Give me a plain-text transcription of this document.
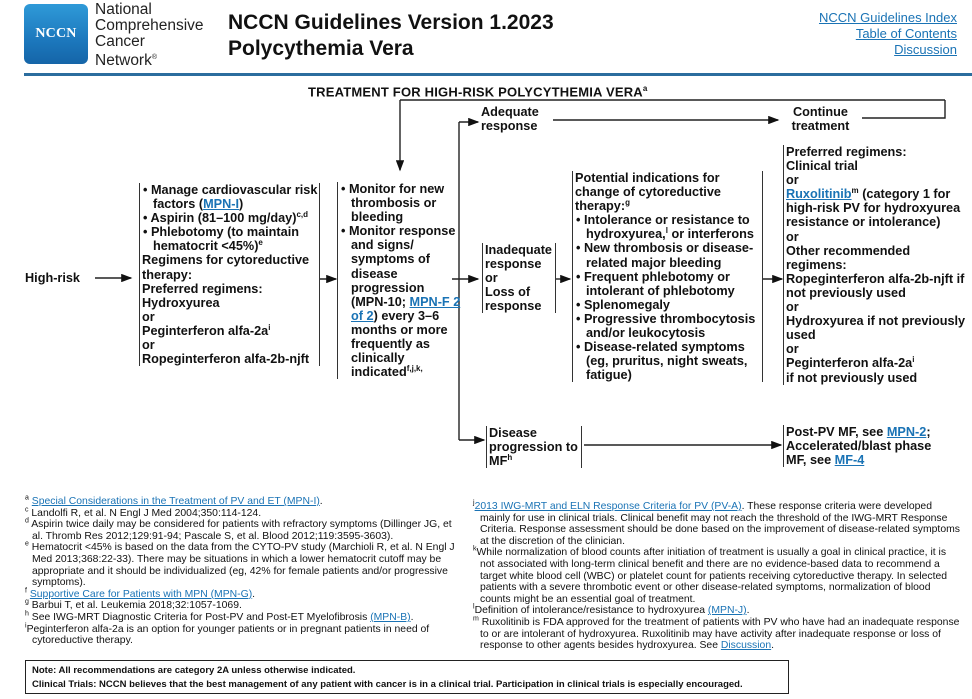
NCCN
National
Comprehensive
Cancer
Network®
NCCN Guidelines Version 1.2023
Polycythemia Vera
NCCN Guidelines Index
Table of Contents
Discussion
TREATMENT FOR HIGH-RISK POLYCYTHEMIA VERA$^a$
High-risk
• Manage cardiovascular risk factors (MPN-I)
• Aspirin (81–100 mg/day)$^{c,d}$
• Phlebotomy (to maintain hematocrit <45%)$^e$
Regimens for cytoreductive therapy:
Preferred regimens:
Hydroxyurea
or
Peginterferon alfa-$2a^i$
or
Ropeginterferon alfa-2b-njft
• Monitor for new thrombosis or bleeding
• Monitor response and signs/ symptoms of disease progression (MPN-10; MPN-F 2 of 2) every 3–6 months or more frequently as clinically indicated$^{f,j,k,}$
Adequate response
Continue treatment
Inadequate
response
or
Loss of
response
Potential indications for change of cytoreductive therapy:$^g$
• Intolerance or resistance to hydroxyurea,$^l$ or interferons
• New thrombosis or disease-related major bleeding
• Frequent phlebotomy or intolerant of phlebotomy
• Splenomegaly
• Progressive thrombocytosis and/or leukocytosis
• Disease-related symptoms (eg, pruritus, night sweats, fatigue)
Preferred regimens:
Clinical trial
or
Ruxolitinib$^m$ (category 1 for high-risk PV for hydroxyurea resistance or intolerance)
or
Other recommended regimens:
Ropeginterferon alfa-2b-njft if not previously used
or
Hydroxyurea if not previously used
or
Peginterferon alfa-$2a^i$
if not previously used
Disease progression to $MF^h$
Post-PV MF, see MPN-2;
Accelerated/blast phase
MF, see MF-4
$^a$ Special Considerations in the Treatment of PV and ET (MPN-I).
$^c$ Landolfi R, et al. N Engl J Med 2004;350:114-124.
$^d$ Aspirin twice daily may be considered for patients with refractory symptoms (Dillinger JG, et al. Thromb Res 2012;129:91-94; Pascale S, et al. Blood 2012;119:3595-3603).
$^e$ Hematocrit <45% is based on the data from the CYTO-PV study (Marchioli R, et al. N Engl J Med 2013;368:22-33). There may be situations in which a lower hematocrit cutoff may be appropriate and it should be individualized (eg, 42% for female patients and/or progressive symptoms).
$^f$ Supportive Care for Patients with MPN (MPN-G).
$^g$ Barbui T, et al. Leukemia 2018;32:1057-1069.
$^h$ See IWG-MRT Diagnostic Criteria for Post-PV and Post-ET Myelofibrosis (MPN-B).
$^i$Peginterferon alfa-2a is an option for younger patients or in pregnant patients in need of cytoreductive therapy.
$^j$2013 IWG-MRT and ELN Response Criteria for PV (PV-A). These response criteria were developed mainly for use in clinical trials. Clinical benefit may not reach the threshold of the IWG-MRT Response Criteria. Response assessment should be done based on the improvement of disease-related symptoms at the discretion of the clinician.
$^k$While normalization of blood counts after initiation of treatment is usually a goal in clinical practice, it is not associated with long-term clinical benefit and there are no evidence-based data to recommend a target white blood cell (WBC) or platelet count for patients receiving cytoreductive therapy. In selected patients with a severe thrombotic event or other disease-related symptoms, normalization of blood counts might be an essential goal of treatment.
$^l$Definition of intolerance/resistance to hydroxyurea (MPN-J).
$^m$ Ruxolitinib is FDA approved for the treatment of patients with PV who have had an inadequate response to or are intolerant of hydroxyurea. Ruxolitinib may have activity after inadequate response or loss of response to other agents besides hydroxyurea. See Discussion.
Note: All recommendations are category 2A unless otherwise indicated.
Clinical Trials: NCCN believes that the best management of any patient with cancer is in a clinical trial. Participation in clinical trials is especially encouraged.
